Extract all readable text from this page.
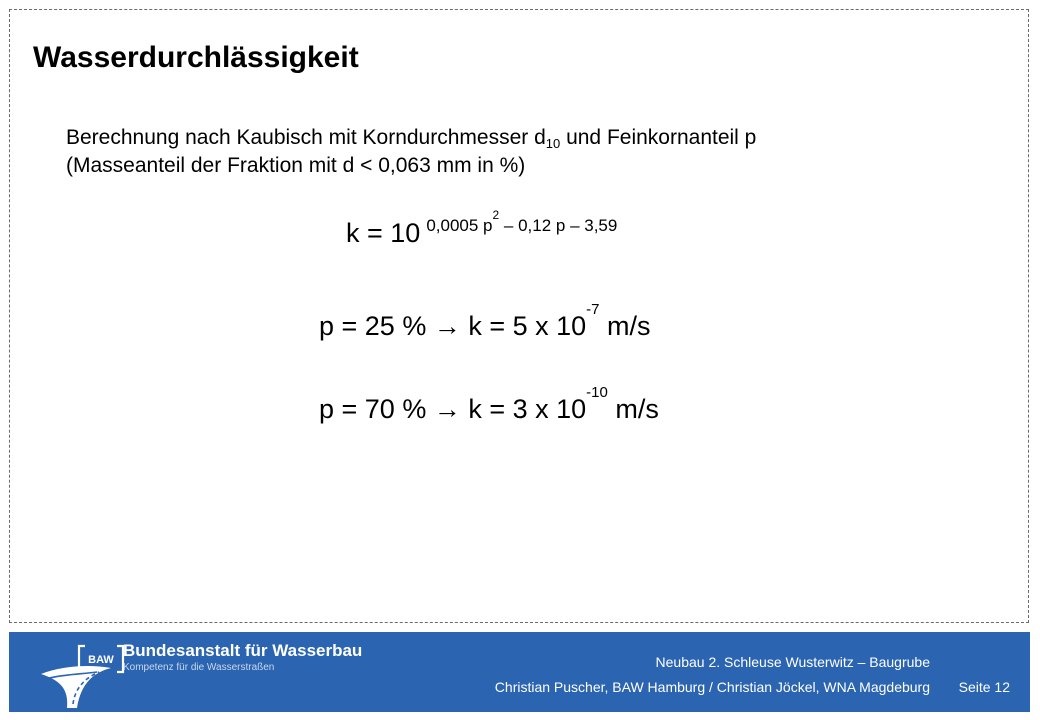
Wasserdurchlässigkeit

Berechnung nach Kaubisch mit Korndurchmesser $d_{10}$ und Feinkornanteil p
(Masseanteil der Fraktion mit d < 0,063 mm in %)

k = 10 $^{0,0005 p^2 - 0,12 p - 3,59}$
p = 25 % → k = 5 x $10^{-7}$ m/s
p = 70 % → k = 3 x $10^{-10}$ m/s
BAW Bundesanstalt für Wasserbau
Kompetenz für die Wasserstraßen	Neubau 2. Schleuse Wusterwitz – Baugrube
Christian Puscher, BAW Hamburg / Christian Jöckel, WNA Magdeburg Seite 12
